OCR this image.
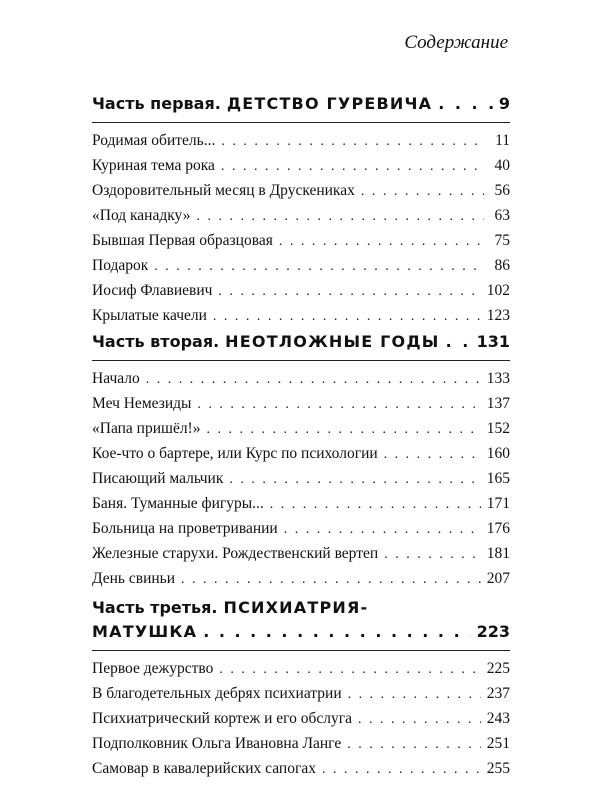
Содержание
Часть первая. ДЕТСТВО ГУРЕВИЧА . . .	9
Родимая обитель... . . .	11
Куриная тема рока . . .	40
Оздоровительный месяц в Друскениках . . .	56
«Под канадку» . . .	63
Бывшая Первая образцовая . . .	75
Подарок . . .	86
Иосиф Флавиевич . . .	102
Крылатые качели . . .	123
Часть вторая. НЕОТЛОЖНЫЕ ГОДЫ . . . 131
Начало . . .	133
Меч Немезиды . . .	137
«Папа пришёл!» . . .	152
Кое-что о бартере, или Курс по психологии . . .	160
Писающий мальчик . . .	165
Баня. Туманные фигуры... . . .	171
Больница на проветривании . . .	176
Железные старухи. Рождественский вертеп . . .	181
День свиньи . . .	207
Часть третья. ПСИХИАТРИЯ-
МАТУШКА . . .	223
Первое дежурство . . .	225
В благодетельных дебрях психиатрии . . .	237
Психиатрический кортеж и его обслуга . . .	243
Подполковник Ольга Ивановна Ланге . . .	251
Самовар в кавалерийских сапогах . . .	255
